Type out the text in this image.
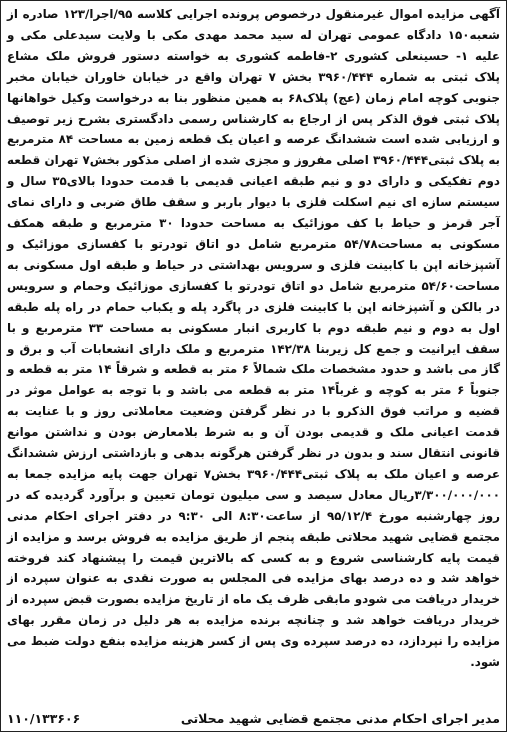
آگهی مزایده اموال غیرمنقول درخصوص پرونده اجرایی کلاسه ۹۵/اجرا/۱۲۳ صادره از شعبه۱۵۰ دادگاه عمومی تهران له سید محمد مهدی مکی با ولایت سیدعلی مکی و علیه ۱- حسینعلی کشوری ۲-فاطمه کشوری به خواسته دستور فروش ملک مشاع پلاک ثبتی به شماره ۳۹۶۰/۴۴۴ بخش ۷ تهران واقع در خیابان خاوران خیابان مخبر جنوبی کوچه امام زمان (عج) پلاک۶۸ به همین منظور بنا به درخواست وکیل خواهانها پلاک ثبتی فوق الذکر پس از ارجاع به کارشناس رسمی دادگستری بشرح زیر توصیف و ارزیابی شده است ششدانگ عرصه و اعیان یک قطعه زمین به مساحت ۸۴ مترمربع به پلاک ثبتی۳۹۶۰/۴۴۴ اصلی مفروز و مجزی شده از اصلی مذکور بخش۷ تهران قطعه دوم تفکیکی و دارای دو و نیم طبقه اعیانی قدیمی با قدمت حدودا بالای۳۵ سال و سیستم سازه ای نیم اسکلت فلزی با دیوار باربر و سقف طاق ضربی و دارای نمای آجر قرمز و حیاط با کف موزائیک به مساحت حدودا ۳۰ مترمربع و طبقه همکف مسکونی به مساحت۵۴/۷۸ مترمربع شامل دو اتاق تودرتو با کفسازی موزائیک و آشپزخانه اپن با کابینت فلزی و سرویس بهداشتی در حیاط و طبقه اول مسکونی به مساحت۵۴/۶۰ مترمربع شامل دو اتاق تودرتو با کفسازی موزائیک وحمام و سرویس در بالکن و آشپزخانه اپن با کابینت فلزی در پاگرد پله و یکباب حمام در راه پله طبقه اول به دوم و نیم طبقه دوم با کاربری انبار مسکونی به مساحت ۳۳ مترمربع و با سقف ایرانیت و جمع کل زیربنا ۱۴۲/۳۸ مترمربع و ملک دارای انشعابات آب و برق و گاز می باشد و حدود مشخصات ملک شمالاً ۶ متر به قطعه و شرقاً ۱۴ متر به قطعه و جنوباً ۶ متر به کوچه و غرباً۱۴ متر به قطعه می باشد و با توجه به عوامل موثر در قضیه و مراتب فوق الذکرو با در نظر گرفتن وضعیت معاملاتی روز و با عنایت به قدمت اعیانی ملک و قدیمی بودن آن و به شرط بلامعارض بودن و نداشتن موانع قانونی انتقال سند و بدون در نظر گرفتن هرگونه بدهی و بازداشتی ارزش ششدانگ عرصه و اعیان ملک به پلاک ثبتی۳۹۶۰/۴۴۴ بخش۷ تهران جهت پایه مزایده جمعا به ۳/۳۰۰/۰۰۰/۰۰۰ریال معادل سیصد و سی میلیون تومان تعیین و برآورد گردیده که در روز چهارشنبه مورخ ۹۵/۱۲/۴ از ساعت۸:۳۰ الی ۹:۳۰ در دفتر اجرای احکام مدنی مجتمع قضایی شهید محلاتی طبقه پنجم از طریق مزایده به فروش برسد و مزایده از قیمت پایه کارشناسی شروع و به کسی که بالاترین قیمت را پیشنهاد کند فروخته خواهد شد و ده درصد بهای مزایده فی المجلس به صورت نقدی به عنوان سپرده از خریدار دریافت می شودو مابقی ظرف یک ماه از تاریخ مزایده بصورت قبض سپرده از خریدار دریافت خواهد شد و چنانچه برنده مزایده به هر دلیل در زمان مقرر بهای مزایده را نپردازد، ده درصد سپرده وی پس از کسر هزینه مزایده بنفع دولت ضبط می شود.

مدیر اجرای احکام مدنی مجتمع قضایی شهید محلاتی
۱۱۰/۱۳۳۶۰۶
